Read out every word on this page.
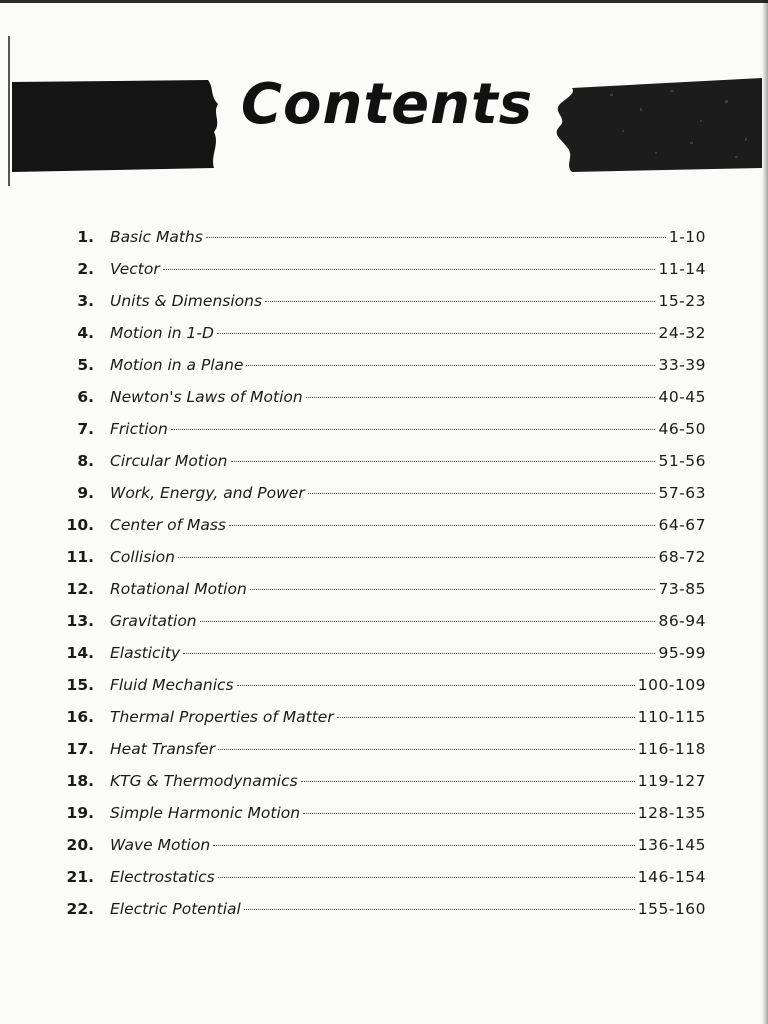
Contents
1. Basic Maths	1-10
2. Vector	11-14
3. Units & Dimensions	15-23
4. Motion in 1-D	24-32
5. Motion in a Plane	33-39
6. Newton's Laws of Motion	40-45
7. Friction	46-50
8. Circular Motion	51-56
9. Work, Energy, and Power	57-63
10. Center of Mass	64-67
11. Collision	68-72
12. Rotational Motion	73-85
13. Gravitation	86-94
14. Elasticity	95-99
15. Fluid Mechanics	100-109
16. Thermal Properties of Matter	110-115
17. Heat Transfer	116-118
18. KTG & Thermodynamics	119-127
19. Simple Harmonic Motion	128-135
20. Wave Motion	136-145
21. Electrostatics	146-154
22. Electric Potential	155-160
